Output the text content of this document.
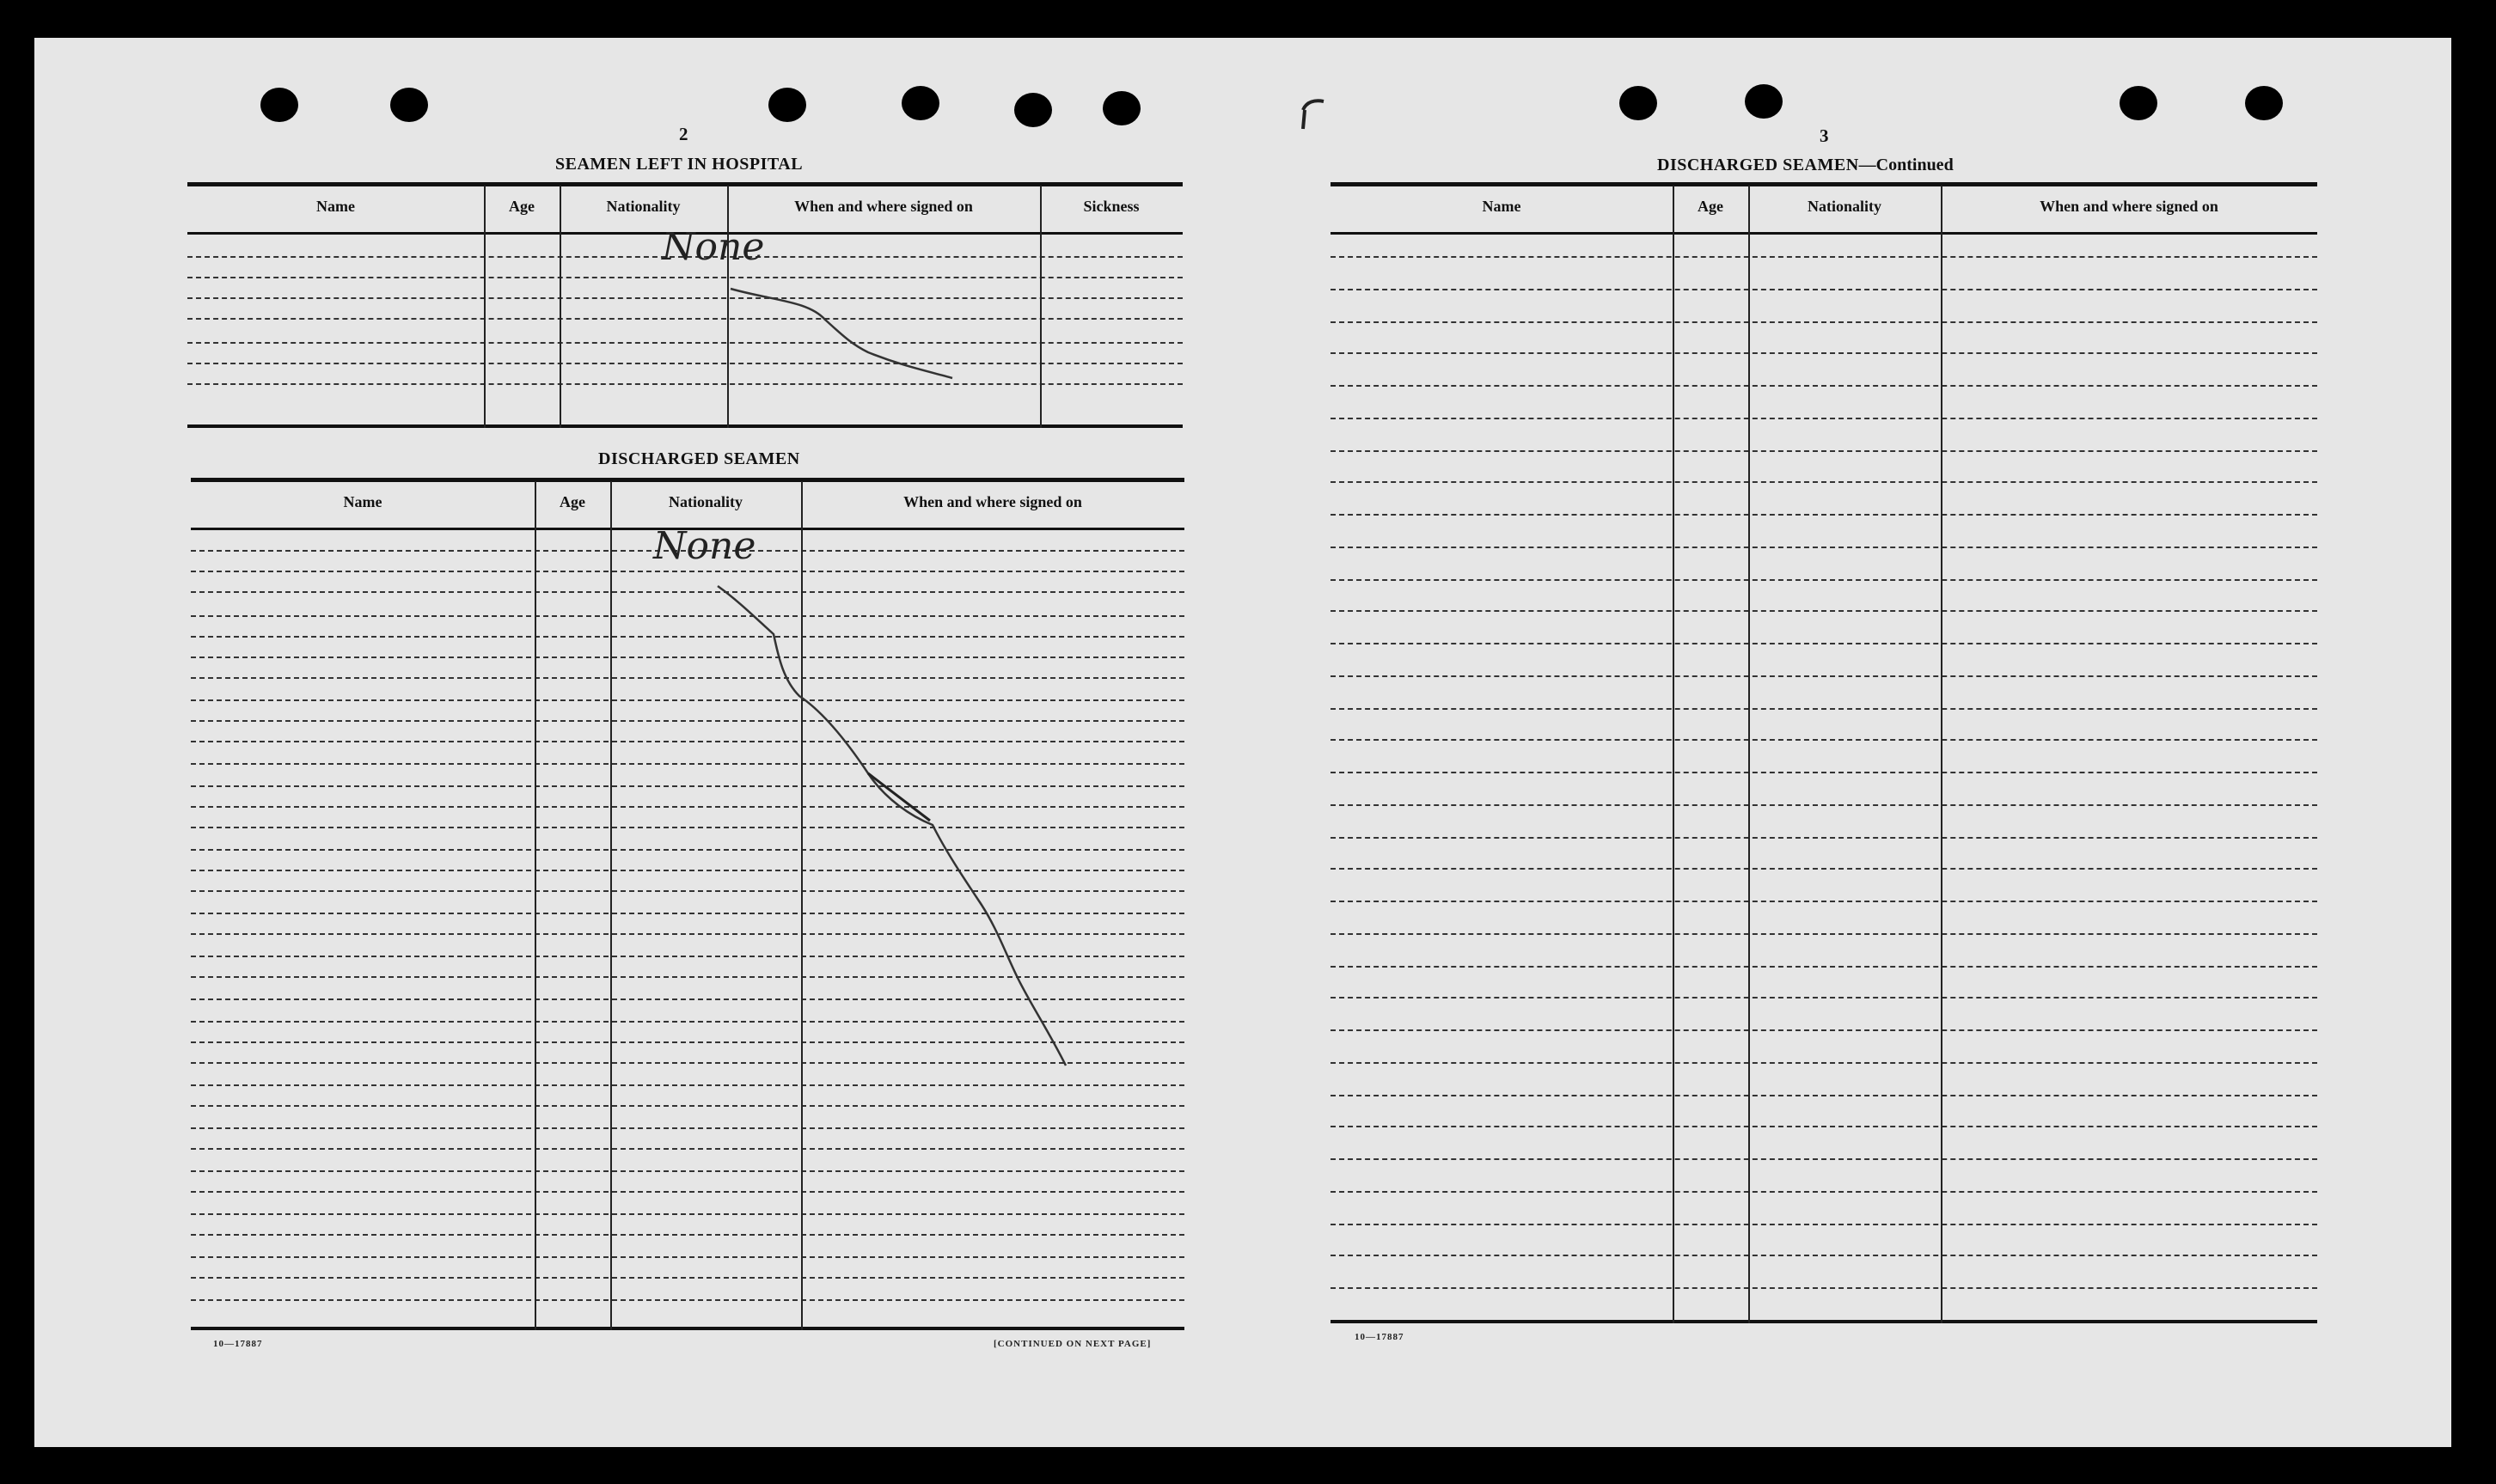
2	3
SEAMEN LEFT IN HOSPITAL
DISCHARGED SEAMEN
DISCHARGED SEAMEN—Continued
Name	Age	Nationality	When and where signed on	Sickness
None
Name	Age	Nationality	When and where signed on
None
Name	Age	Nationality	When and where signed on
10—17887	[CONTINUED ON NEXT PAGE]
10—17887
